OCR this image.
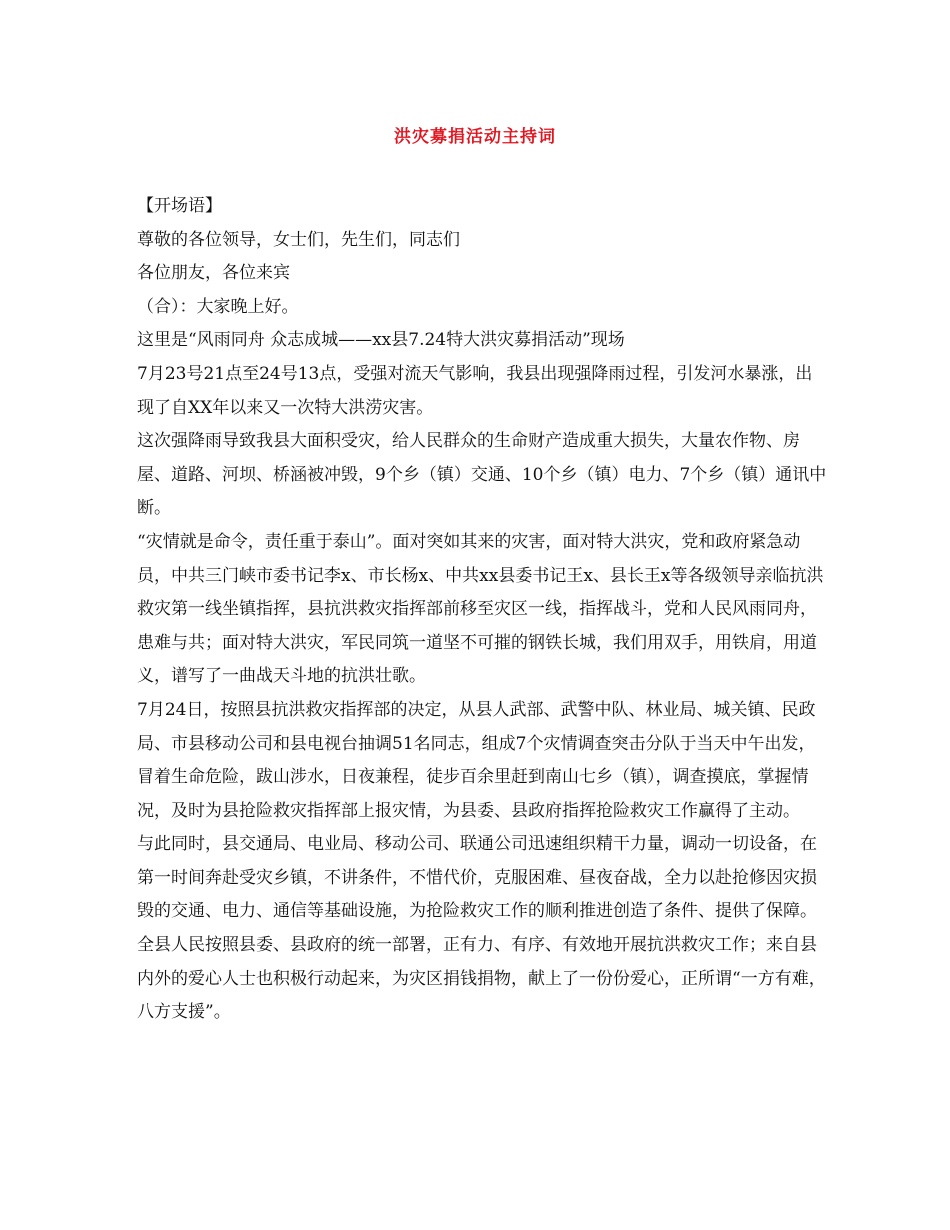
洪灾募捐活动主持词

【开场语】

尊敬的各位领导，女士们，先生们，同志们

各位朋友，各位来宾

（合）：大家晚上好。

这里是“风雨同舟 众志成城——xx县7.24特大洪灾募捐活动”现场

7月23号21点至24号13点，受强对流天气影响，我县出现强降雨过程，引发河水暴涨，出现了自XX年以来又一次特大洪涝灾害。

这次强降雨导致我县大面积受灾，给人民群众的生命财产造成重大损失，大量农作物、房屋、道路、河坝、桥涵被冲毁，9个乡（镇）交通、10个乡（镇）电力、7个乡（镇）通讯中断。

“灾情就是命令，责任重于泰山”。面对突如其来的灾害，面对特大洪灾，党和政府紧急动员，中共三门峡市委书记李x、市长杨x、中共xx县委书记王x、县长王x等各级领导亲临抗洪救灾第一线坐镇指挥，县抗洪救灾指挥部前移至灾区一线，指挥战斗，党和人民风雨同舟，患难与共；面对特大洪灾，军民同筑一道坚不可摧的钢铁长城，我们用双手，用铁肩，用道义，谱写了一曲战天斗地的抗洪壮歌。

7月24日，按照县抗洪救灾指挥部的决定，从县人武部、武警中队、林业局、城关镇、民政局、市县移动公司和县电视台抽调51名同志，组成7个灾情调查突击分队于当天中午出发，冒着生命危险，跋山涉水，日夜兼程，徒步百余里赶到南山七乡（镇），调查摸底，掌握情况，及时为县抢险救灾指挥部上报灾情，为县委、县政府指挥抢险救灾工作赢得了主动。

与此同时，县交通局、电业局、移动公司、联通公司迅速组织精干力量，调动一切设备，在第一时间奔赴受灾乡镇，不讲条件，不惜代价，克服困难、昼夜奋战，全力以赴抢修因灾损毁的交通、电力、通信等基础设施，为抢险救灾工作的顺利推进创造了条件、提供了保障。全县人民按照县委、县政府的统一部署，正有力、有序、有效地开展抗洪救灾工作；来自县内外的爱心人士也积极行动起来，为灾区捐钱捐物，献上了一份份爱心，正所谓“一方有难，八方支援”。
